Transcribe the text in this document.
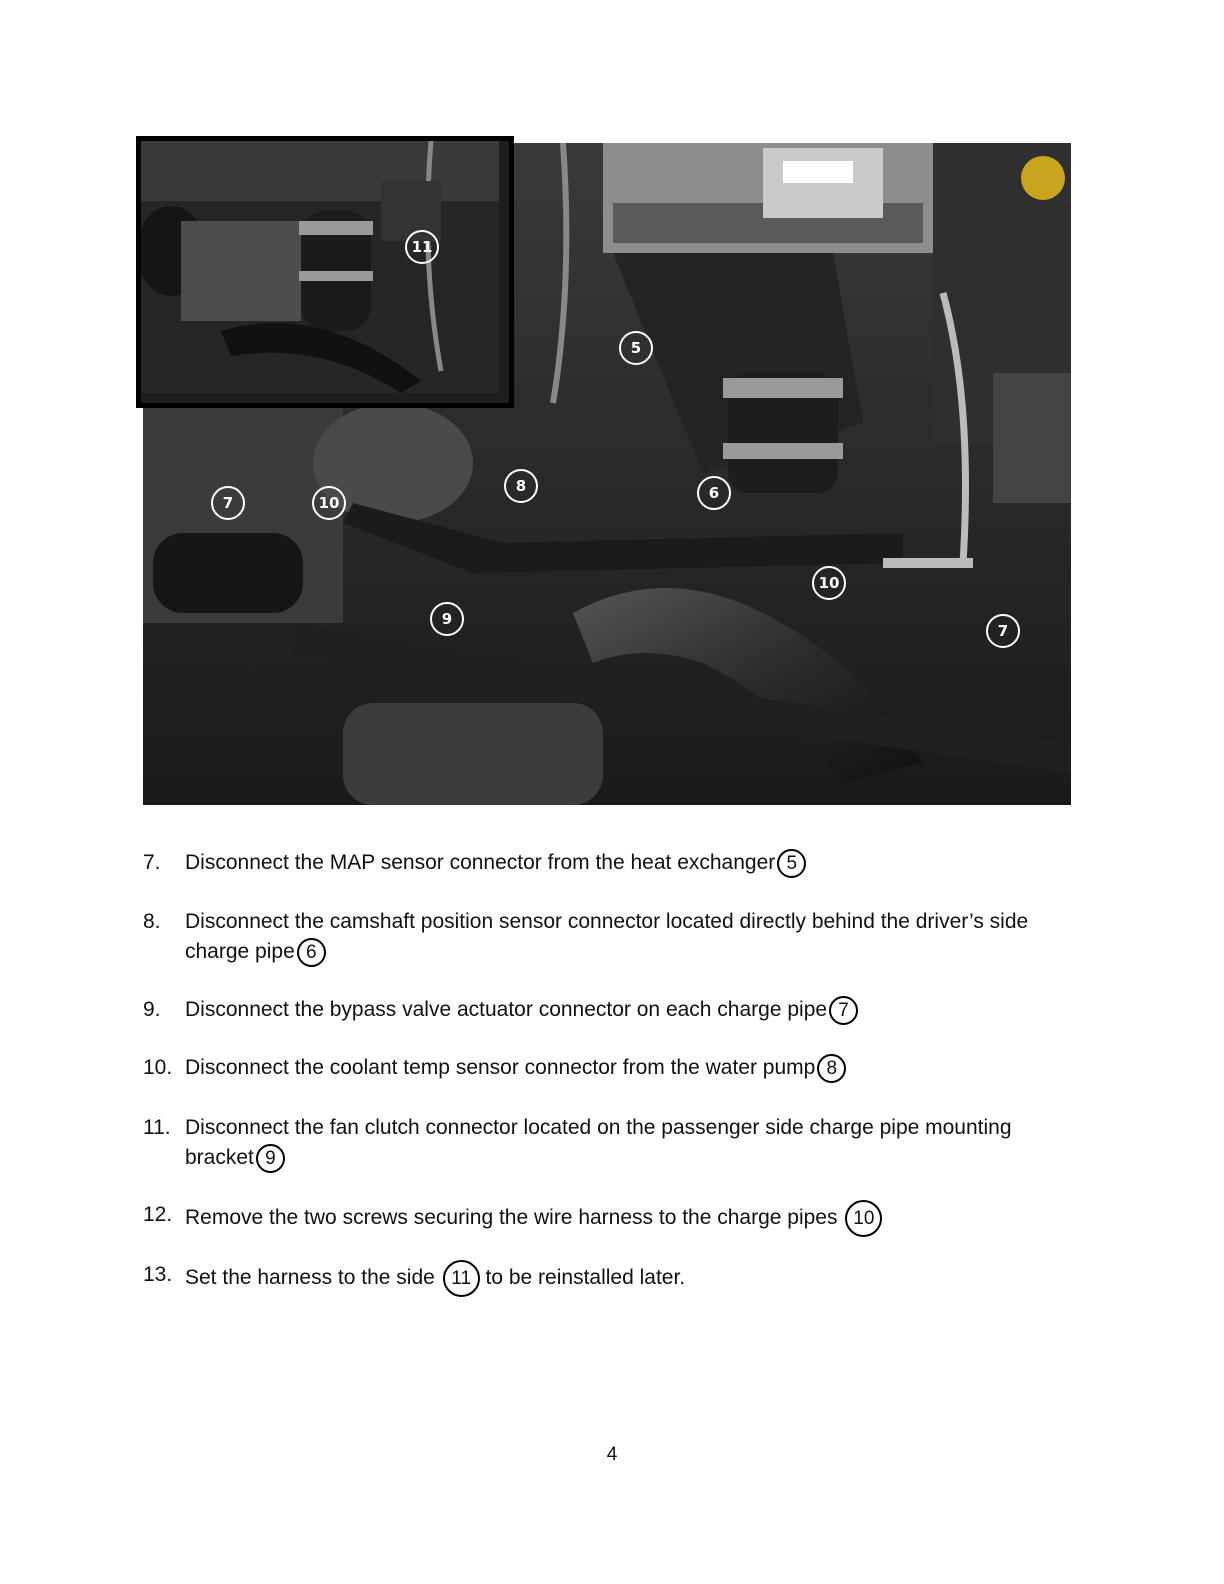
11
5
8	6
7	10
10
9
7
7.	Disconnect the MAP sensor connector from the heat exchanger 5
8.	Disconnect the camshaft position sensor connector located directly behind the driver’s side charge pipe 6
9.	Disconnect the bypass valve actuator connector on each charge pipe 7
10. Disconnect the coolant temp sensor connector from the water pump 8
11. Disconnect the fan clutch connector located on the passenger side charge pipe mounting bracket 9
12. Remove the two screws securing the wire harness to the charge pipes 10
13. Set the harness to the side 11 to be reinstalled later.
4
